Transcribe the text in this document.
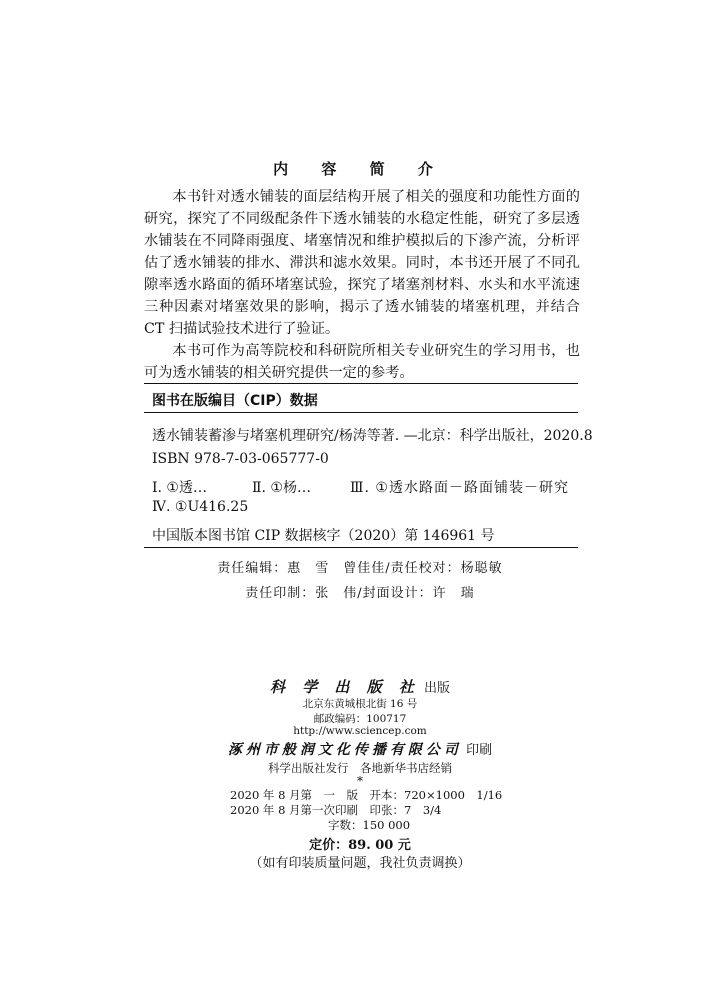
内 容 简 介

本书针对透水铺装的面层结构开展了相关的强度和功能性方面的研究，探究了不同级配条件下透水铺装的水稳定性能，研究了多层透水铺装在不同降雨强度、堵塞情况和维护模拟后的下渗产流，分析评估了透水铺装的排水、滞洪和滤水效果。同时，本书还开展了不同孔隙率透水路面的循环堵塞试验，探究了堵塞剂材料、水头和水平流速三种因素对堵塞效果的影响，揭示了透水铺装的堵塞机理，并结合 CT 扫描试验技术进行了验证。

本书可作为高等院校和科研院所相关专业研究生的学习用书，也可为透水铺装的相关研究提供一定的参考。

图书在版编目（CIP）数据
透水铺装蓄渗与堵塞机理研究/杨涛等著. —北京：科学出版社，2020.8
ISBN 978-7-03-065777-0
Ⅰ. ①透…	Ⅱ. ①杨…	Ⅲ. ①透水路面－路面铺装－研究
Ⅳ. ①U416.25
中国版本图书馆 CIP 数据核字（2020）第 146961 号
责任编辑：惠　雪　曾佳佳/责任校对：杨聪敏
责任印制：张　伟/封面设计：许　瑞
科 学 出 版 社 出版
北京东黄城根北街 16 号
邮政编码：100717
http://www.sciencep.com
涿州市般润文化传播有限公司 印刷
科学出版社发行　各地新华书店经销
*
2020 年 8 月第　一　版　开本：720×1000　1/16
2020 年 8 月第一次印刷　印张：7　3/4
字数：150 000
定价：89. 00 元
（如有印装质量问题，我社负责调换）
